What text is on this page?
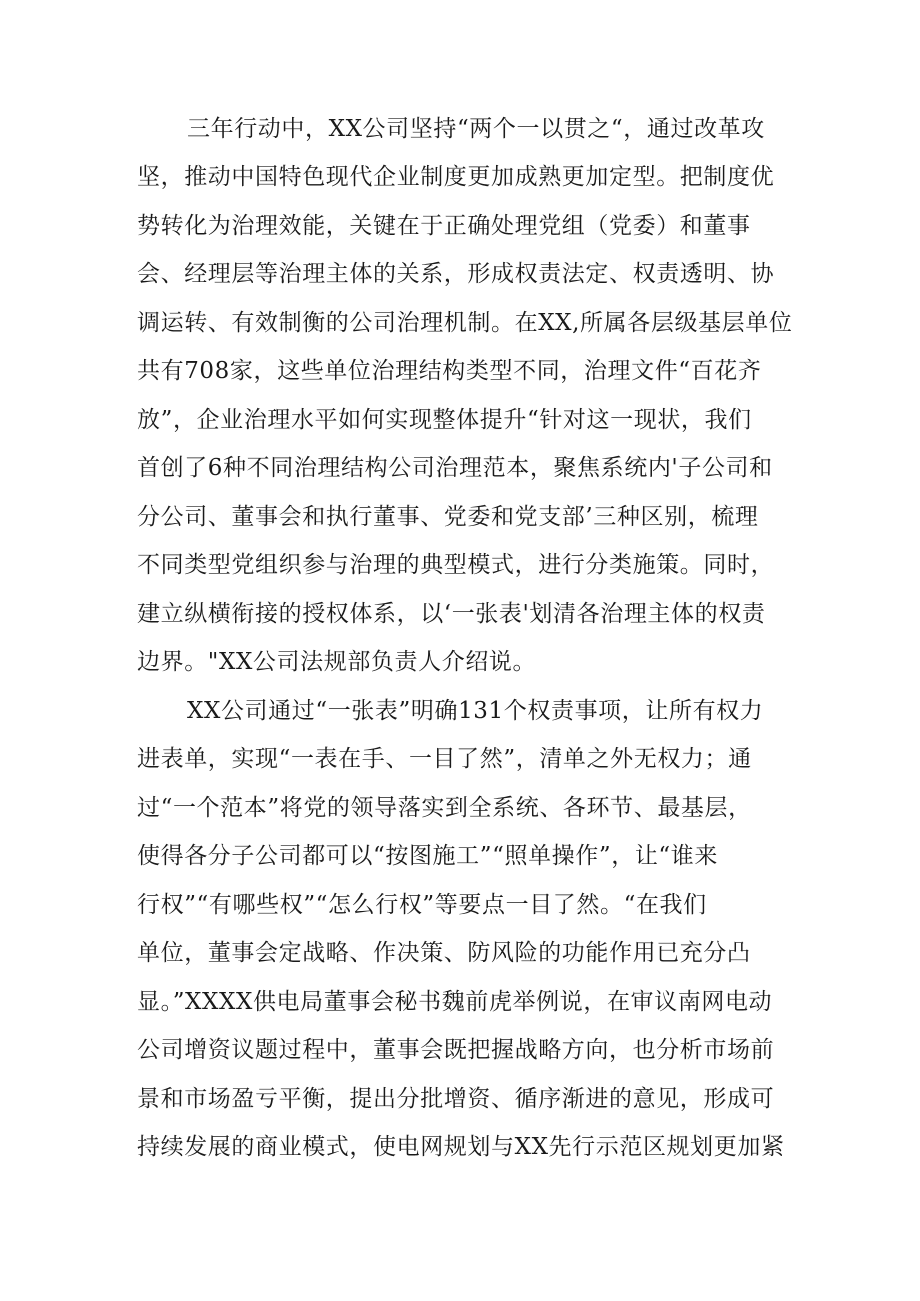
三年行动中，XX公司坚持“两个一以贯之“，通过改革攻

坚，推动中国特色现代企业制度更加成熟更加定型。把制度优

势转化为治理效能，关键在于正确处理党组（党委）和董事

会、经理层等治理主体的关系，形成权责法定、权责透明、协

调运转、有效制衡的公司治理机制。在XX,所属各层级基层单位

共有708家，这些单位治理结构类型不同，治理文件“百花齐

放”，企业治理水平如何实现整体提升“针对这一现状，我们

首创了6种不同治理结构公司治理范本，聚焦系统内'子公司和

分公司、董事会和执行董事、党委和党支部’三种区别，梳理

不同类型党组织参与治理的典型模式，进行分类施策。同时，

建立纵横衔接的授权体系，以‘一张表'划清各治理主体的权责

边界。"XX公司法规部负责人介绍说。

XX公司通过“一张表”明确131个权责事项，让所有权力

进表单，实现“一表在手、一目了然”，清单之外无权力；通

过“一个范本”将党的领导落实到全系统、各环节、最基层，

使得各分子公司都可以“按图施工”“照单操作”，让“谁来

行权”“有哪些权”“怎么行权”等要点一目了然。“在我们

单位，董事会定战略、作决策、防风险的功能作用已充分凸

显。”XXXX供电局董事会秘书魏前虎举例说，在审议南网电动

公司增资议题过程中，董事会既把握战略方向，也分析市场前

景和市场盈亏平衡，提出分批增资、循序渐进的意见，形成可

持续发展的商业模式，使电网规划与XX先行示范区规划更加紧
